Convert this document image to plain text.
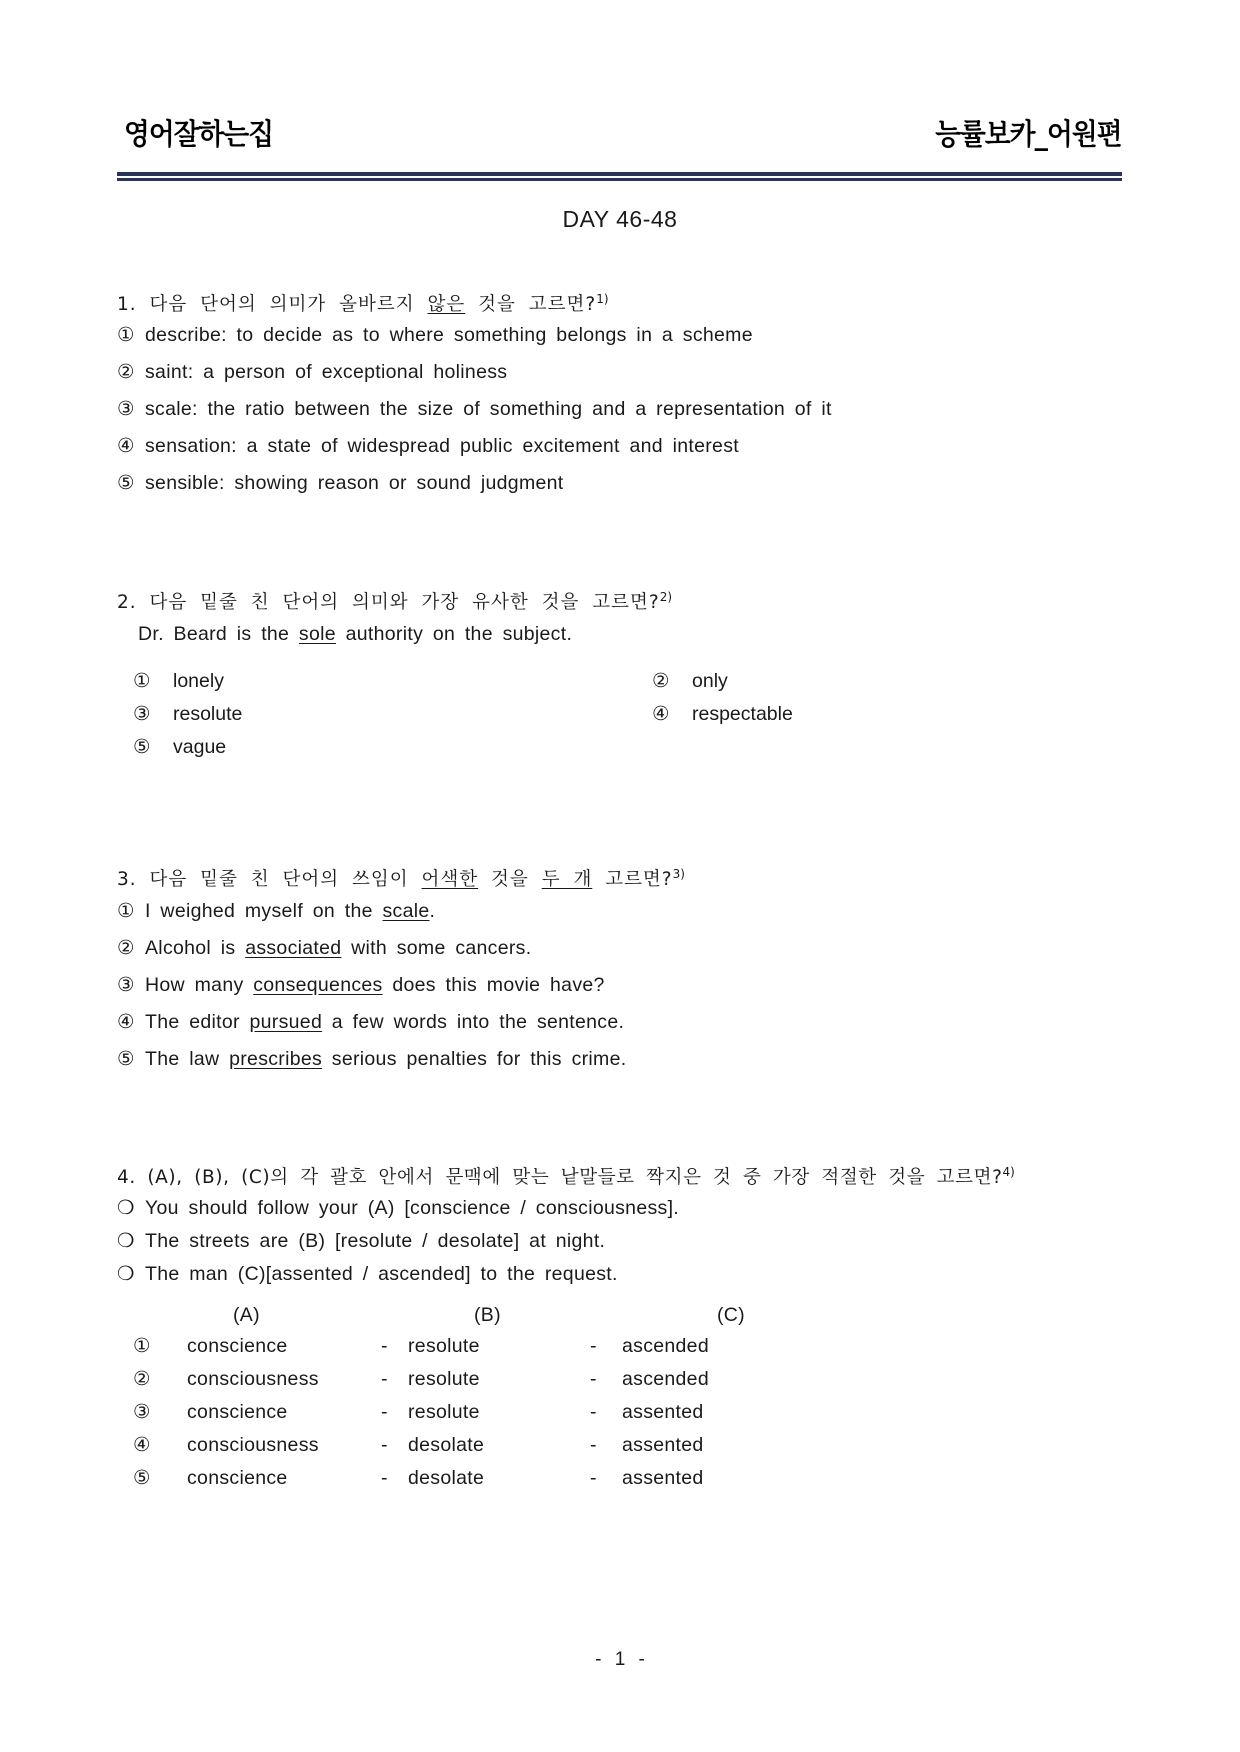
영어잘하는집	능률보카_어원편
DAY 46-48
1. 다음 단어의 의미가 올바르지 않은 것을 고르면?$^{1)}$
① describe: to decide as to where something belongs in a scheme
② saint: a person of exceptional holiness
③ scale: the ratio between the size of something and a representation of it
④ sensation: a state of widespread public excitement and interest
⑤ sensible: showing reason or sound judgment
2. 다음 밑줄 친 단어의 의미와 가장 유사한 것을 고르면?$^{2)}$
Dr. Beard is the sole authority on the subject.
① lonely	② only
③ resolute	④ respectable
⑤ vague
3. 다음 밑줄 친 단어의 쓰임이 어색한 것을 두 개 고르면?$^{3)}$
① I weighed myself on the scale.
② Alcohol is associated with some cancers.
③ How many consequences does this movie have?
④ The editor pursued a few words into the sentence.
⑤ The law prescribes serious penalties for this crime.
4. (A), (B), (C)의 각 괄호 안에서 문맥에 맞는 낱말들로 짝지은 것 중 가장 적절한 것을 고르면?$^{4)}$
❍ You should follow your (A) [conscience / consciousness].
❍ The streets are (B) [resolute / desolate] at night.
❍ The man (C)[assented / ascended] to the request.
(A)	(B)	(C)
① conscience	- resolute	- ascended
② consciousness	- resolute	- ascended
③ conscience	- resolute	- assented
④ consciousness	- desolate	- assented
⑤ conscience	- desolate	- assented
- 1 -
